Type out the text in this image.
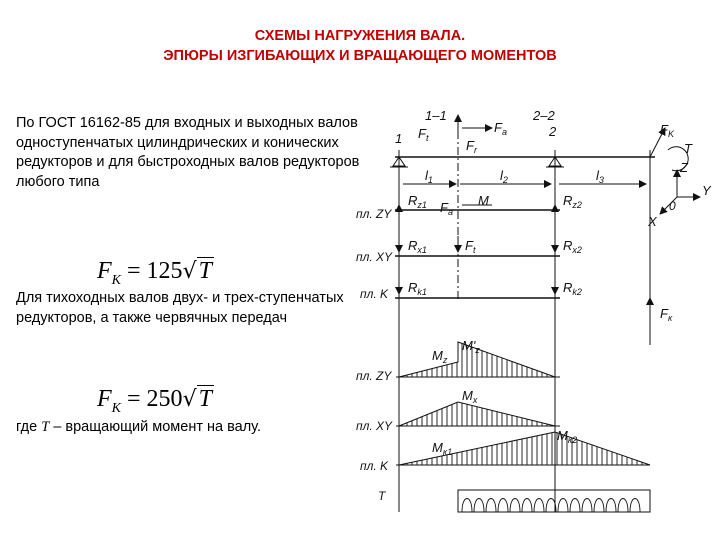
СХЕМЫ НАГРУЖЕНИЯ ВАЛА.
ЭПЮРЫ ИЗГИБАЮЩИХ И ВРАЩАЮЩЕГО МОМЕНТОВ
По ГОСТ 16162-85 для входных и выходных валов одноступенчатых цилиндрических и конических редукторов и для быстроходных валов редукторов любого типа
$F_K = 125√T$
Для тихоходных валов двух- и трех-ступенчатых редукторов, а также червячных передач
$F_K = 250√T$
где T – вращающий момент на валу.
1–1	2–2
1	2
$F_t$
$F_a$
$F_r$
$F_K$
T
$l_1$	$l_2$	$l_3$
Z
Y
X
0
пл. ZY
$R_{z1}$	$R_{z2}$
$F_a$
M
пл. XY
$F_t$
$R_{x1}$	$R_{x2}$
пл. K $R_{k1}$	$R_{k2}$
$F_к$
$M_z$
$M'_z$
пл. ZY
$M_x$
пл. XY
$M_{к1}$
$M_{к2}$
пл. K
T
